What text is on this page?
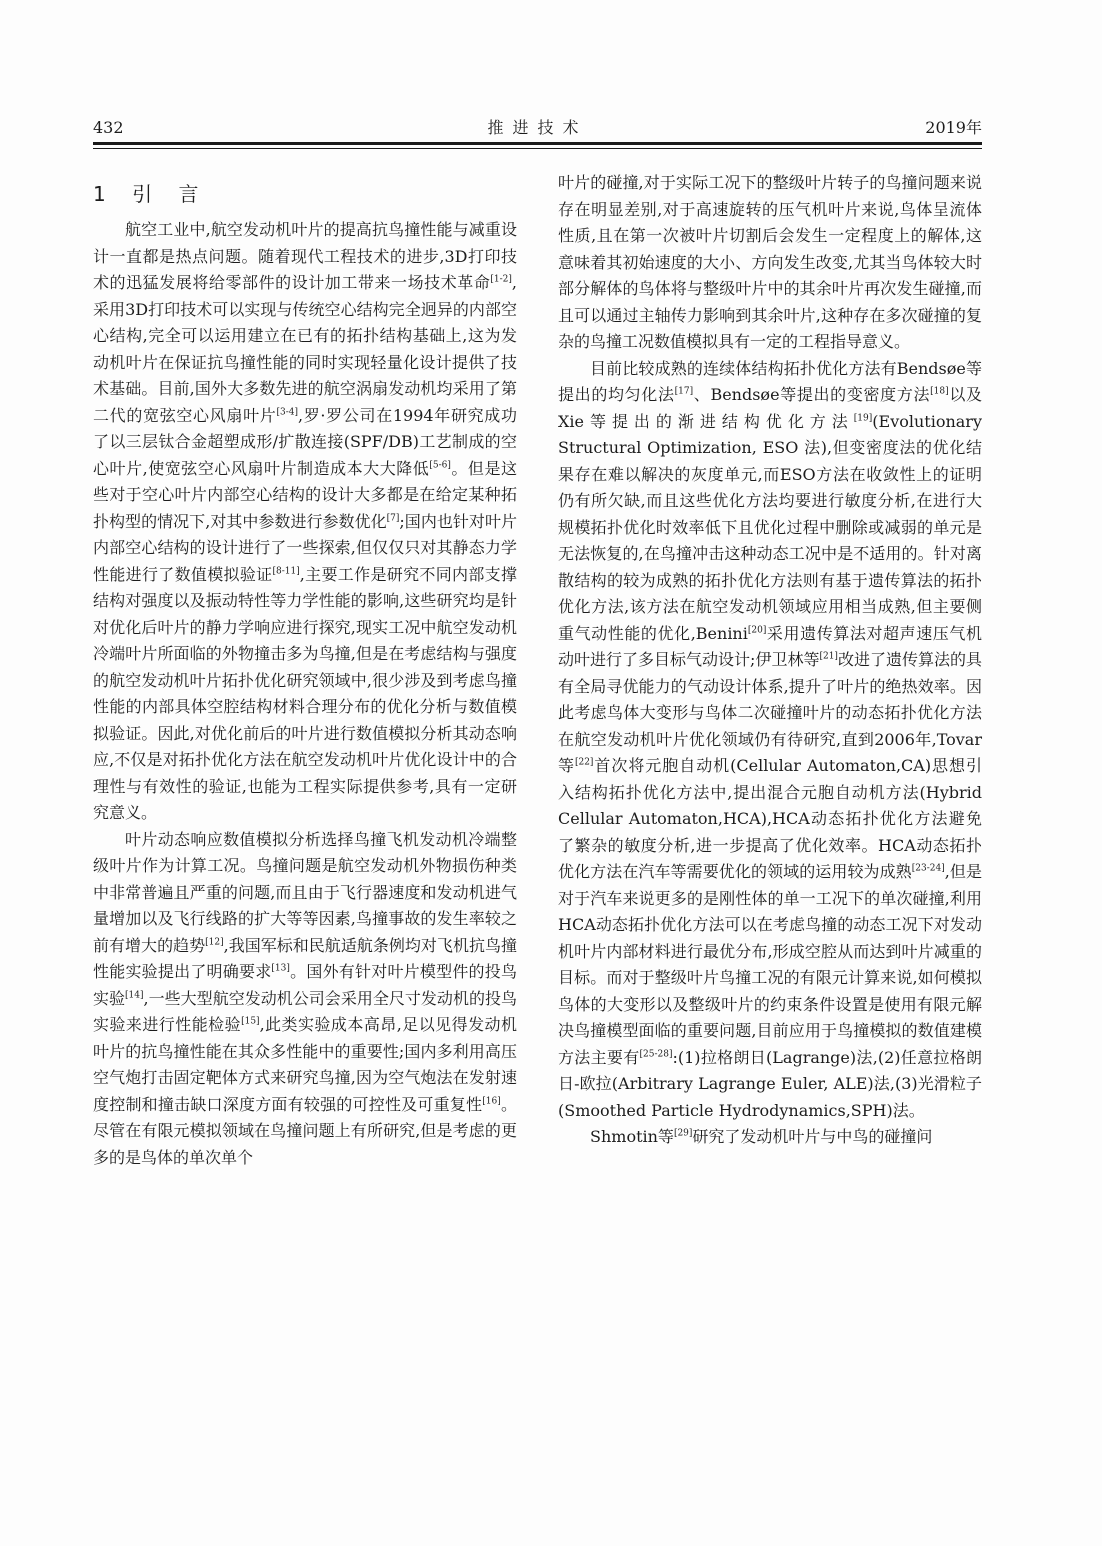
432	推进技术	2019年
1 引 言

航空工业中,航空发动机叶片的提高抗鸟撞性能与减重设计一直都是热点问题。随着现代工程技术的进步,3D打印技术的迅猛发展将给零部件的设计加工带来一场技术革命[1-2],采用3D打印技术可以实现与传统空心结构完全迥异的内部空心结构,完全可以运用建立在已有的拓扑结构基础上,这为发动机叶片在保证抗鸟撞性能的同时实现轻量化设计提供了技术基础。目前,国外大多数先进的航空涡扇发动机均采用了第二代的宽弦空心风扇叶片[3-4],罗·罗公司在1994年研究成功了以三层钛合金超塑成形/扩散连接(SPF/DB)工艺制成的空心叶片,使宽弦空心风扇叶片制造成本大大降低[5-6]。但是这些对于空心叶片内部空心结构的设计大多都是在给定某种拓扑构型的情况下,对其中参数进行参数优化[7];国内也针对叶片内部空心结构的设计进行了一些探索,但仅仅只对其静态力学性能进行了数值模拟验证[8-11],主要工作是研究不同内部支撑结构对强度以及振动特性等力学性能的影响,这些研究均是针对优化后叶片的静力学响应进行探究,现实工况中航空发动机冷端叶片所面临的外物撞击多为鸟撞,但是在考虑结构与强度的航空发动机叶片拓扑优化研究领域中,很少涉及到考虑鸟撞性能的内部具体空腔结构材料合理分布的优化分析与数值模拟验证。因此,对优化前后的叶片进行数值模拟分析其动态响应,不仅是对拓扑优化方法在航空发动机叶片优化设计中的合理性与有效性的验证,也能为工程实际提供参考,具有一定研究意义。

叶片动态响应数值模拟分析选择鸟撞飞机发动机冷端整级叶片作为计算工况。鸟撞问题是航空发动机外物损伤种类中非常普遍且严重的问题,而且由于飞行器速度和发动机进气量增加以及飞行线路的扩大等等因素,鸟撞事故的发生率较之前有增大的趋势[12],我国军标和民航适航条例均对飞机抗鸟撞性能实验提出了明确要求[13]。国外有针对叶片模型件的投鸟实验[14],一些大型航空发动机公司会采用全尺寸发动机的投鸟实验来进行性能检验[15],此类实验成本高昂,足以见得发动机叶片的抗鸟撞性能在其众多性能中的重要性;国内多利用高压空气炮打击固定靶体方式来研究鸟撞,因为空气炮法在发射速度控制和撞击缺口深度方面有较强的可控性及可重复性[16]。尽管在有限元模拟领域在鸟撞问题上有所研究,但是考虑的更多的是鸟体的单次单个

叶片的碰撞,对于实际工况下的整级叶片转子的鸟撞问题来说存在明显差别,对于高速旋转的压气机叶片来说,鸟体呈流体性质,且在第一次被叶片切割后会发生一定程度上的解体,这意味着其初始速度的大小、方向发生改变,尤其当鸟体较大时部分解体的鸟体将与整级叶片中的其余叶片再次发生碰撞,而且可以通过主轴传力影响到其余叶片,这种存在多次碰撞的复杂的鸟撞工况数值模拟具有一定的工程指导意义。

目前比较成熟的连续体结构拓扑优化方法有Bendsøe等提出的均匀化法[17]、Bendsøe等提出的变密度方法[18]以及Xie等提出的渐进结构优化方法[19](Evolutionary Structural Optimization, ESO 法),但变密度法的优化结果存在难以解决的灰度单元,而ESO方法在收敛性上的证明仍有所欠缺,而且这些优化方法均要进行敏度分析,在进行大规模拓扑优化时效率低下且优化过程中删除或减弱的单元是无法恢复的,在鸟撞冲击这种动态工况中是不适用的。针对离散结构的较为成熟的拓扑优化方法则有基于遗传算法的拓扑优化方法,该方法在航空发动机领域应用相当成熟,但主要侧重气动性能的优化,Benini[20]采用遗传算法对超声速压气机动叶进行了多目标气动设计;伊卫林等[21]改进了遗传算法的具有全局寻优能力的气动设计体系,提升了叶片的绝热效率。因此考虑鸟体大变形与鸟体二次碰撞叶片的动态拓扑优化方法在航空发动机叶片优化领域仍有待研究,直到2006年,Tovar等[22]首次将元胞自动机(Cellular Automaton,CA)思想引入结构拓扑优化方法中,提出混合元胞自动机方法(Hybrid Cellular Automaton,HCA),HCA动态拓扑优化方法避免了繁杂的敏度分析,进一步提高了优化效率。HCA动态拓扑优化方法在汽车等需要优化的领域的运用较为成熟[23-24],但是对于汽车来说更多的是刚性体的单一工况下的单次碰撞,利用HCA动态拓扑优化方法可以在考虑鸟撞的动态工况下对发动机叶片内部材料进行最优分布,形成空腔从而达到叶片减重的目标。而对于整级叶片鸟撞工况的有限元计算来说,如何模拟鸟体的大变形以及整级叶片的约束条件设置是使用有限元解决鸟撞模型面临的重要问题,目前应用于鸟撞模拟的数值建模方法主要有[25-28]:(1)拉格朗日(Lagrange)法,(2)任意拉格朗日-欧拉(Arbitrary Lagrange Euler, ALE)法,(3)光滑粒子(Smoothed Particle Hydrodynamics,SPH)法。

Shmotin等[29]研究了发动机叶片与中鸟的碰撞问
